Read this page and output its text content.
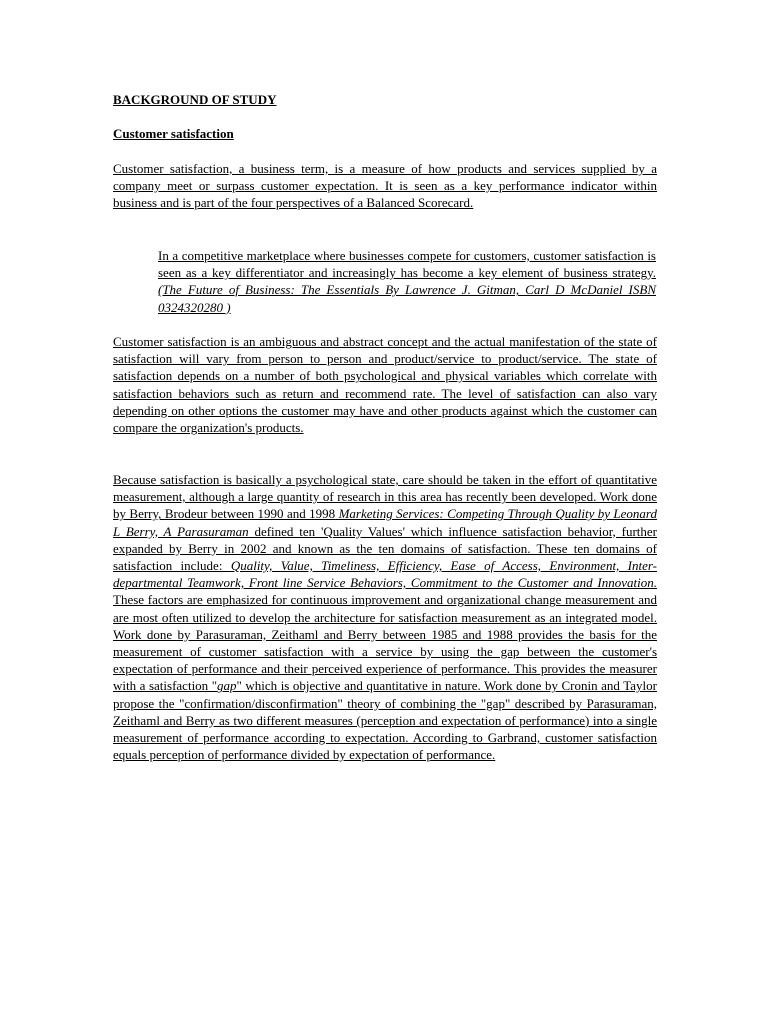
BACKGROUND OF STUDY

Customer satisfaction

Customer satisfaction, a business term, is a measure of how products and services supplied by a company meet or surpass customer expectation. It is seen as a key performance indicator within business and is part of the four perspectives of a Balanced Scorecard.

In a competitive marketplace where businesses compete for customers, customer satisfaction is seen as a key differentiator and increasingly has become a key element of business strategy. (The Future of Business: The Essentials By Lawrence J. Gitman, Carl D McDaniel ISBN 0324320280 )

Customer satisfaction is an ambiguous and abstract concept and the actual manifestation of the state of satisfaction will vary from person to person and product/service to product/service. The state of satisfaction depends on a number of both psychological and physical variables which correlate with satisfaction behaviors such as return and recommend rate. The level of satisfaction can also vary depending on other options the customer may have and other products against which the customer can compare the organization's products.

Because satisfaction is basically a psychological state, care should be taken in the effort of quantitative measurement, although a large quantity of research in this area has recently been developed. Work done by Berry, Brodeur between 1990 and 1998 Marketing Services: Competing Through Quality by Leonard L Berry, A Parasuraman defined ten 'Quality Values' which influence satisfaction behavior, further expanded by Berry in 2002 and known as the ten domains of satisfaction. These ten domains of satisfaction include: Quality, Value, Timeliness, Efficiency, Ease of Access, Environment, Inter-departmental Teamwork, Front line Service Behaviors, Commitment to the Customer and Innovation. These factors are emphasized for continuous improvement and organizational change measurement and are most often utilized to develop the architecture for satisfaction measurement as an integrated model. Work done by Parasuraman, Zeithaml and Berry between 1985 and 1988 provides the basis for the measurement of customer satisfaction with a service by using the gap between the customer's expectation of performance and their perceived experience of performance. This provides the measurer with a satisfaction "gap" which is objective and quantitative in nature. Work done by Cronin and Taylor propose the "confirmation/disconfirmation" theory of combining the "gap" described by Parasuraman, Zeithaml and Berry as two different measures (perception and expectation of performance) into a single measurement of performance according to expectation. According to Garbrand, customer satisfaction equals perception of performance divided by expectation of performance.
